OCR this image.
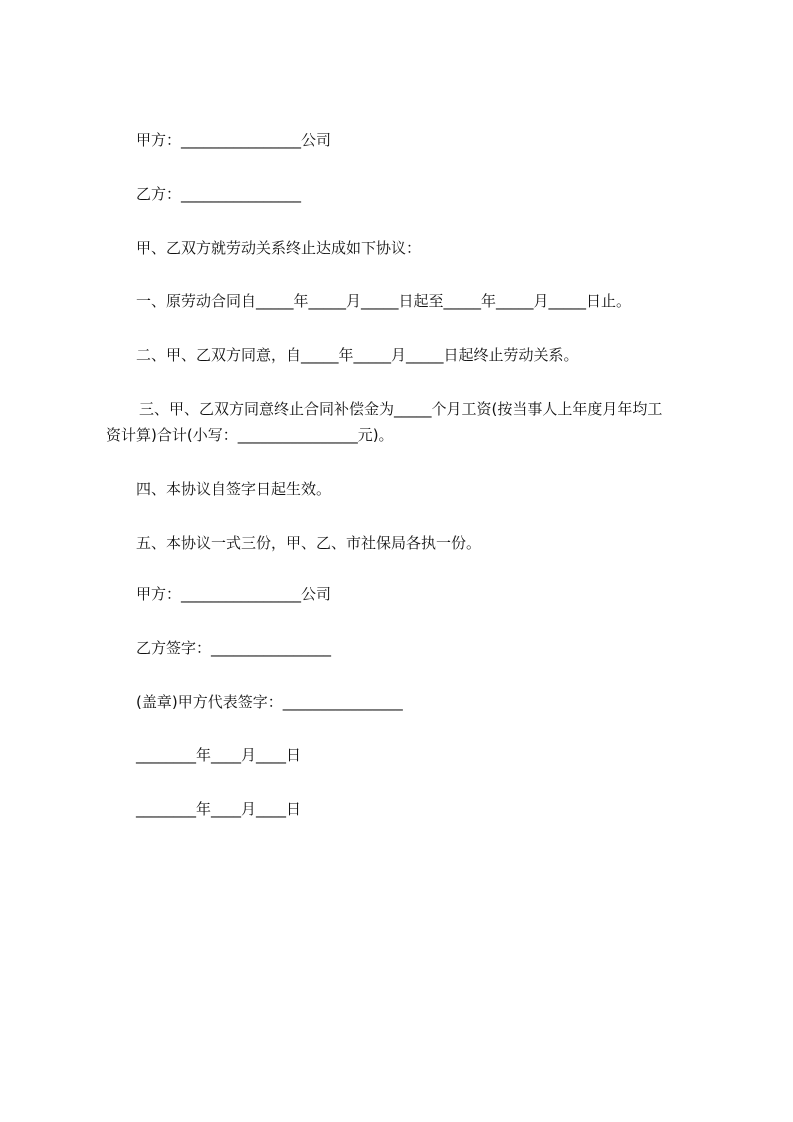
甲方：________________公司
乙方：________________
甲、乙双方就劳动关系终止达成如下协议：
一、原劳动合同自_____年_____月_____日起至_____年_____月_____日止。
二、甲、乙双方同意，自_____年_____月_____日起终止劳动关系。
三、甲、乙双方同意终止合同补偿金为_____个月工资(按当事人上年度月年均工
资计算)合计(小写：________________元)。
四、本协议自签字日起生效。
五、本协议一式三份，甲、乙、市社保局各执一份。
甲方：________________公司
乙方签字：________________
(盖章)甲方代表签字：________________
________年____月____日
________年____月____日
